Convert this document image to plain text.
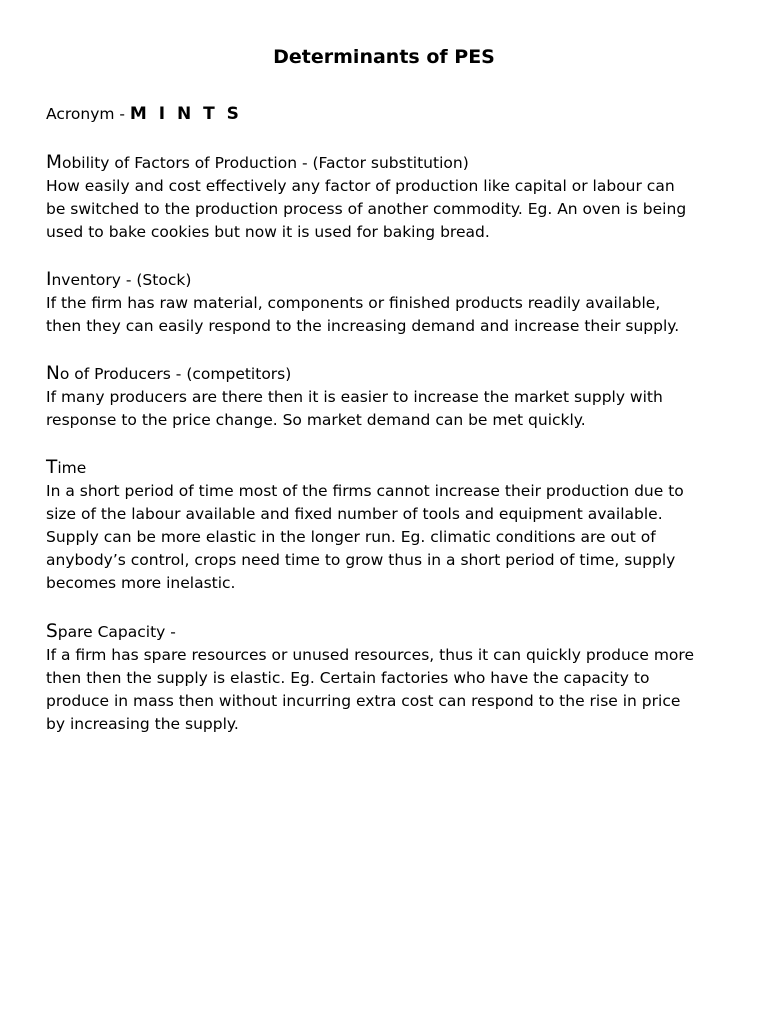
Determinants of PES
Acronym - M I N T S
Mobility of Factors of Production - (Factor substitution)
How easily and cost effectively any factor of production like capital or labour can
be switched to the production process of another commodity. Eg. An oven is being
used to bake cookies but now it is used for baking bread.
Inventory - (Stock)
If the firm has raw material, components or finished products readily available,
then they can easily respond to the increasing demand and increase their supply.
No of Producers - (competitors)
If many producers are there then it is easier to increase the market supply with
response to the price change. So market demand can be met quickly.
Time
In a short period of time most of the firms cannot increase their production due to
size of the labour available and fixed number of tools and equipment available.
Supply can be more elastic in the longer run. Eg. climatic conditions are out of
anybody’s control, crops need time to grow thus in a short period of time, supply
becomes more inelastic.
Spare Capacity -
If a firm has spare resources or unused resources, thus it can quickly produce more
then then the supply is elastic. Eg. Certain factories who have the capacity to
produce in mass then without incurring extra cost can respond to the rise in price
by increasing the supply.
